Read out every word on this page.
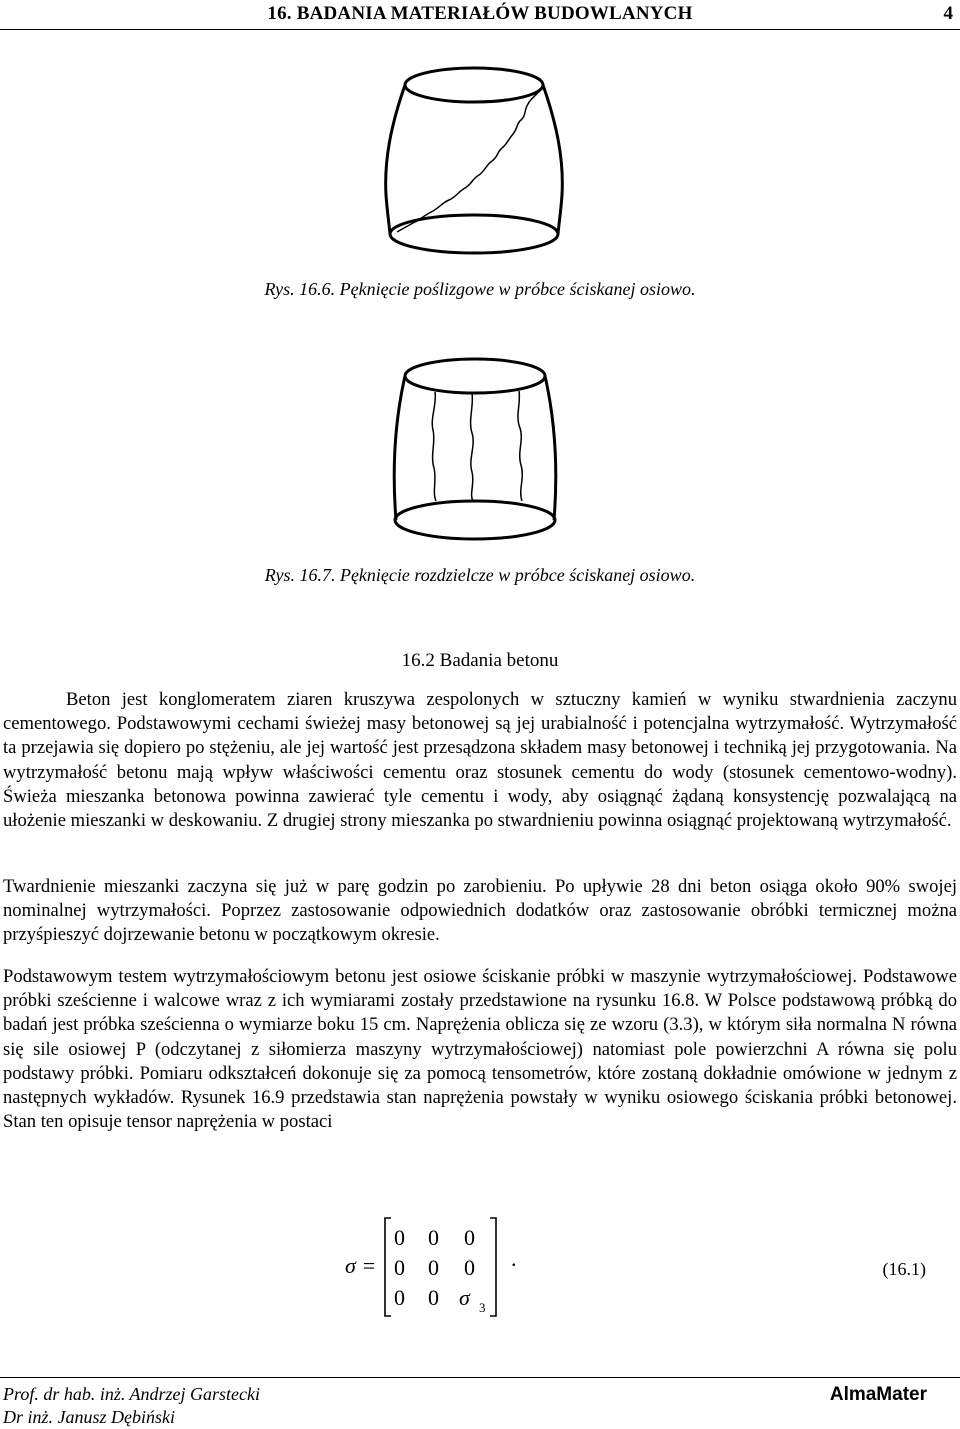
16. BADANIA MATERIAŁÓW BUDOWLANYCH	4
Rys. 16.6. Pęknięcie poślizgowe w próbce ściskanej osiowo.
Rys. 16.7. Pęknięcie rozdzielcze w próbce ściskanej osiowo.
16.2 Badania betonu

Beton jest konglomeratem ziaren kruszywa zespolonych w sztuczny kamień w wyniku stwardnienia zaczynu cementowego. Podstawowymi cechami świeżej masy betonowej są jej urabialność i potencjalna wytrzymałość. Wytrzymałość ta przejawia się dopiero po stężeniu, ale jej wartość jest przesądzona składem masy betonowej i techniką jej przygotowania. Na wytrzymałość betonu mają wpływ właściwości cementu oraz stosunek cementu do wody (stosunek cementowo-wodny). Świeża mieszanka betonowa powinna zawierać tyle cementu i wody, aby osiągnąć żądaną konsystencję pozwalającą na ułożenie mieszanki w deskowaniu. Z drugiej strony mieszanka po stwardnieniu powinna osiągnąć projektowaną wytrzymałość.

Twardnienie mieszanki zaczyna się już w parę godzin po zarobieniu. Po upływie 28 dni beton osiąga około 90% swojej nominalnej wytrzymałości. Poprzez zastosowanie odpowiednich dodatków oraz zastosowanie obróbki termicznej można przyśpieszyć dojrzewanie betonu w początkowym okresie.

Podstawowym testem wytrzymałościowym betonu jest osiowe ściskanie próbki w maszynie wytrzymałościowej. Podstawowe próbki sześcienne i walcowe wraz z ich wymiarami zostały przedstawione na rysunku 16.8. W Polsce podstawową próbką do badań jest próbka sześcienna o wymiarze boku 15 cm. Naprężenia oblicza się ze wzoru (3.3), w którym siła normalna N równa się sile osiowej P (odczytanej z siłomierza maszyny wytrzymałościowej) natomiast pole powierzchni A równa się polu podstawy próbki. Pomiaru odkształceń dokonuje się za pomocą tensometrów, które zostaną dokładnie omówione w jednym z następnych wykładów. Rysunek 16.9 przedstawia stan naprężenia powstały w wyniku osiowego ściskania próbki betonowej. Stan ten opisuje tensor naprężenia w postaci

σ =
0 0 0
0 0 0
0 0 σ 3
.	(16.1)
Prof. dr hab. inż. Andrzej Garstecki
Dr inż. Janusz Dębiński
AlmaMater
